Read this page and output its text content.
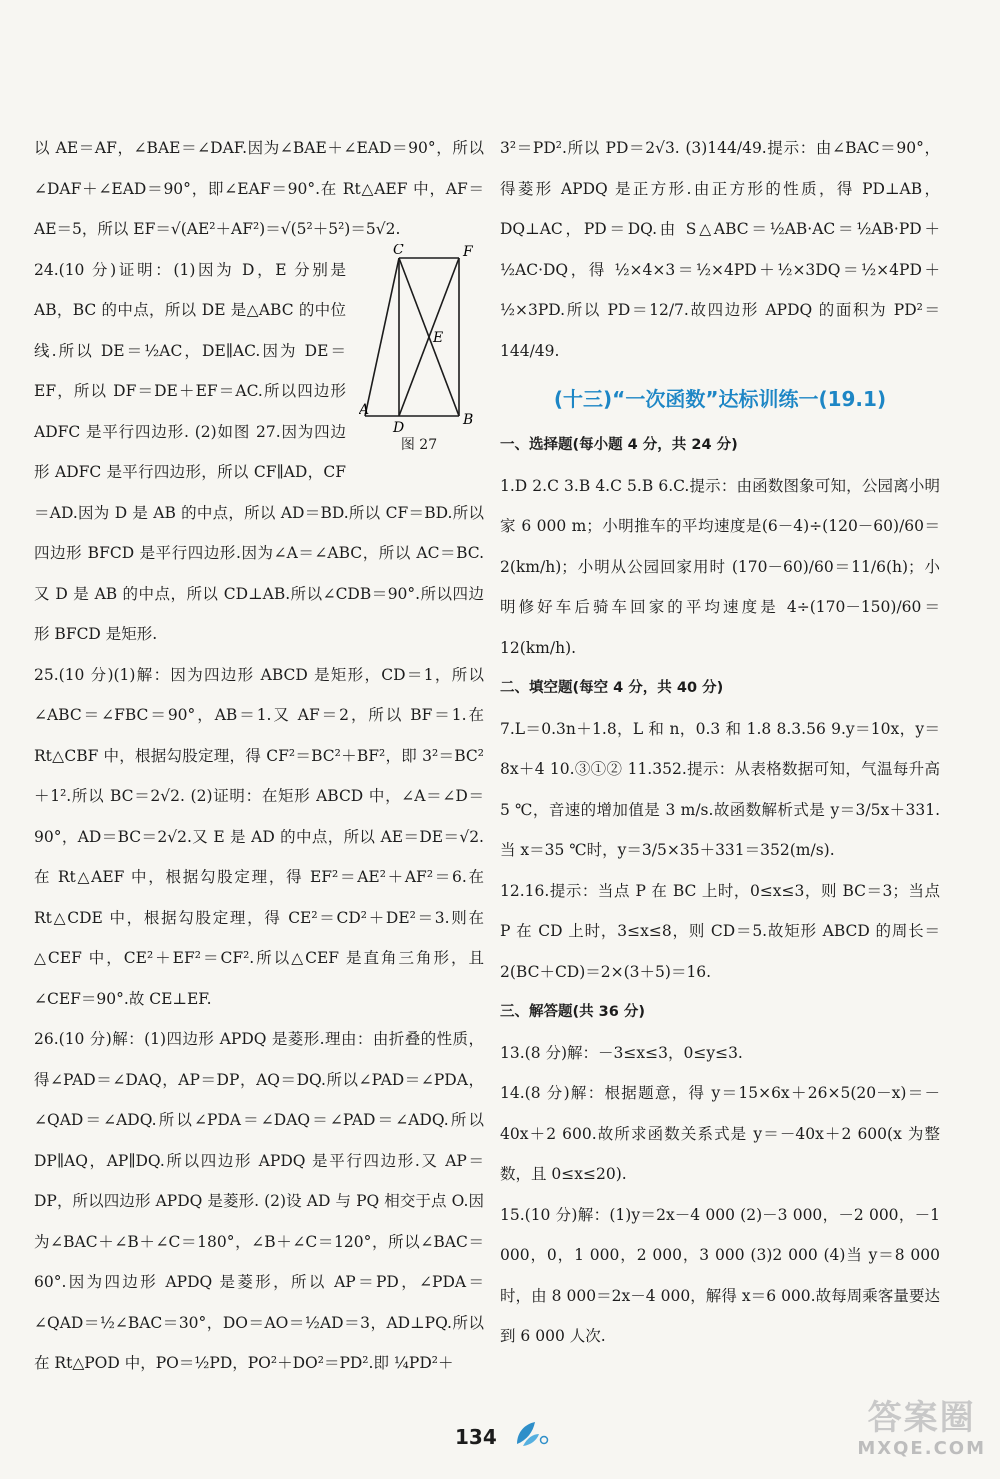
以 AE＝AF，∠BAE＝∠DAF.因为∠BAE＋∠EAD＝90°，所以∠DAF＋∠EAD＝90°，即∠EAF＝90°.在 Rt△AEF 中，AF＝AE＝5，所以 EF＝√(AE²＋AF²)＝√(5²＋5²)＝5√2.

C	F
E
A
D	B
图 27

24.(10 分)证明：(1)因为 D，E 分别是 AB，BC 的中点，所以 DE 是△ABC 的中位线.所以 DE＝½AC，DE∥AC.因为 DE＝EF，所以 DF＝DE＋EF＝AC.所以四边形 ADFC 是平行四边形. (2)如图 27.因为四边形 ADFC 是平行四边形，所以 CF∥AD，CF＝AD.因为 D 是 AB 的中点，所以 AD＝BD.所以 CF＝BD.所以四边形 BFCD 是平行四边形.因为∠A＝∠ABC，所以 AC＝BC.又 D 是 AB 的中点，所以 CD⊥AB.所以∠CDB＝90°.所以四边形 BFCD 是矩形.

25.(10 分)(1)解：因为四边形 ABCD 是矩形，CD＝1，所以∠ABC＝∠FBC＝90°，AB＝1.又 AF＝2，所以 BF＝1.在 Rt△CBF 中，根据勾股定理，得 CF²＝BC²＋BF²，即 3²＝BC²＋1².所以 BC＝2√2. (2)证明：在矩形 ABCD 中，∠A＝∠D＝90°，AD＝BC＝2√2.又 E 是 AD 的中点，所以 AE＝DE＝√2.在 Rt△AEF 中，根据勾股定理，得 EF²＝AE²＋AF²＝6.在 Rt△CDE 中，根据勾股定理，得 CE²＝CD²＋DE²＝3.则在△CEF 中，CE²＋EF²＝CF².所以△CEF 是直角三角形，且∠CEF＝90°.故 CE⊥EF.

26.(10 分)解：(1)四边形 APDQ 是菱形.理由：由折叠的性质，得∠PAD＝∠DAQ，AP＝DP，AQ＝DQ.所以∠PAD＝∠PDA，∠QAD＝∠ADQ.所以∠PDA＝∠DAQ＝∠PAD＝∠ADQ.所以 DP∥AQ，AP∥DQ.所以四边形 APDQ 是平行四边形.又 AP＝DP，所以四边形 APDQ 是菱形. (2)设 AD 与 PQ 相交于点 O.因为∠BAC＋∠B＋∠C＝180°，∠B＋∠C＝120°，所以∠BAC＝60°.因为四边形 APDQ 是菱形，所以 AP＝PD，∠PDA＝∠QAD＝½∠BAC＝30°，DO＝AO＝½AD＝3，AD⊥PQ.所以在 Rt△POD 中，PO＝½PD，PO²＋DO²＝PD².即 ¼PD²＋

3²＝PD².所以 PD＝2√3. (3)144/49.提示：由∠BAC＝90°，得菱形 APDQ 是正方形.由正方形的性质，得 PD⊥AB，DQ⊥AC，PD＝DQ.由 S△ABC＝½AB·AC＝½AB·PD＋½AC·DQ，得 ½×4×3＝½×4PD＋½×3DQ＝½×4PD＋½×3PD.所以 PD＝12/7.故四边形 APDQ 的面积为 PD²＝144/49.

(十三)“一次函数”达标训练一(19.1)

一、选择题(每小题 4 分，共 24 分)

1.D 2.C 3.B 4.C 5.B 6.C.提示：由函数图象可知，公园离小明家 6 000 m；小明推车的平均速度是(6－4)÷(120－60)/60＝2(km/h)；小明从公园回家用时 (170－60)/60＝11/6(h)；小明修好车后骑车回家的平均速度是 4÷(170－150)/60＝12(km/h).

二、填空题(每空 4 分，共 40 分)

7.L＝0.3n＋1.8，L 和 n，0.3 和 1.8 8.3.56 9.y＝10x，y＝8x＋4 10.③①② 11.352.提示：从表格数据可知，气温每升高 5 ℃，音速的增加值是 3 m/s.故函数解析式是 y＝3/5x＋331.当 x＝35 ℃时，y＝3/5×35＋331＝352(m/s).

12.16.提示：当点 P 在 BC 上时，0≤x≤3，则 BC＝3；当点 P 在 CD 上时，3≤x≤8，则 CD＝5.故矩形 ABCD 的周长＝2(BC＋CD)＝2×(3＋5)＝16.

三、解答题(共 36 分)

13.(8 分)解：－3≤x≤3，0≤y≤3.

14.(8 分)解：根据题意，得 y＝15×6x＋26×5(20－x)＝－40x＋2 600.故所求函数关系式是 y＝－40x＋2 600(x 为整数，且 0≤x≤20).

15.(10 分)解：(1)y＝2x－4 000 (2)－3 000，－2 000，－1 000，0，1 000，2 000，3 000 (3)2 000 (4)当 y＝8 000 时，由 8 000＝2x－4 000，解得 x＝6 000.故每周乘客量要达到 6 000 人次.

134	答案圈
MXQE.COM
